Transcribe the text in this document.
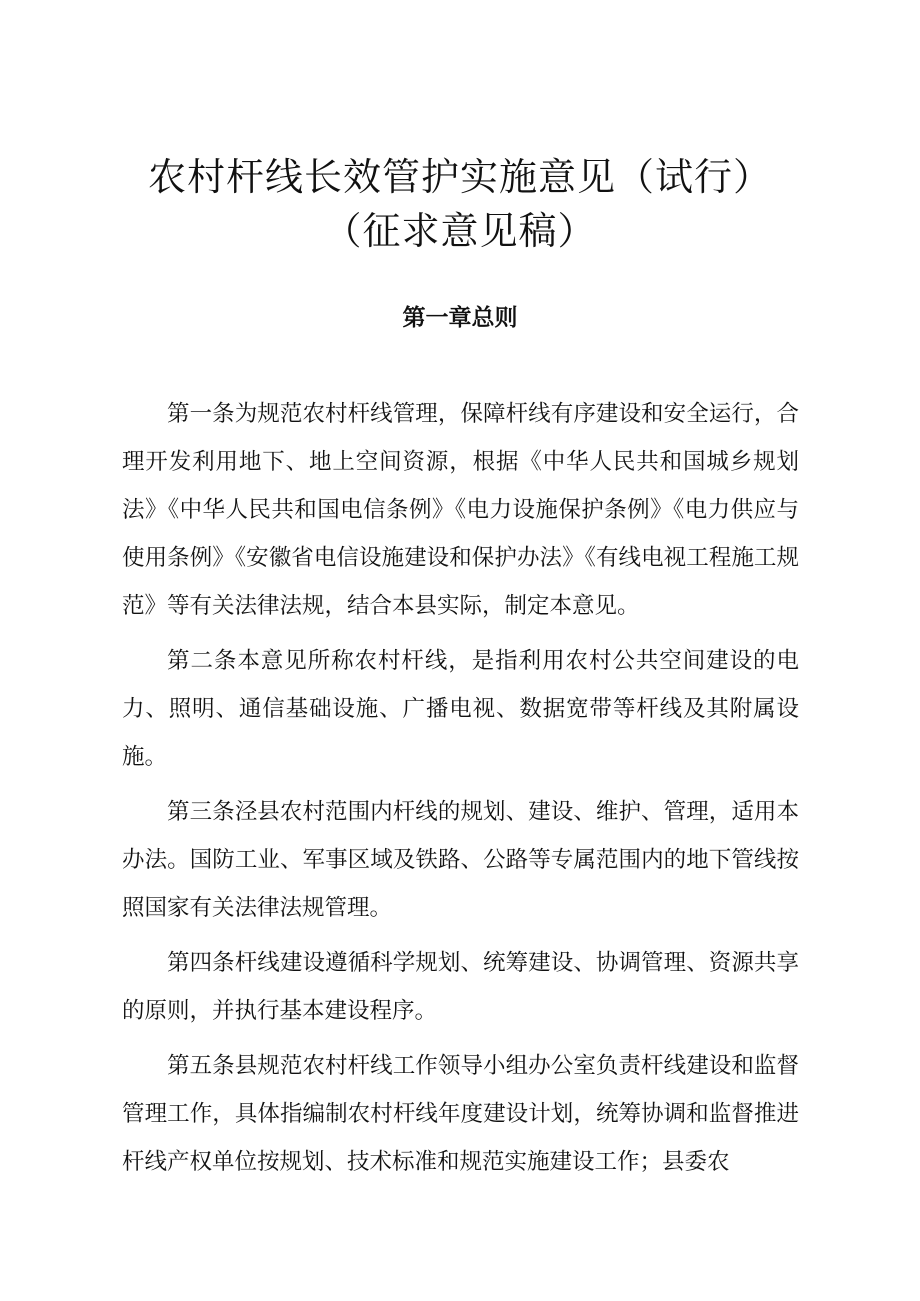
农村杆线长效管护实施意见（试行）
（征求意见稿）
第一章总则

第一条为规范农村杆线管理，保障杆线有序建设和安全运行，合理开发利用地下、地上空间资源，根据《中华人民共和国城乡规划法》《中华人民共和国电信条例》《电力设施保护条例》《电力供应与使用条例》《安徽省电信设施建设和保护办法》《有线电视工程施工规范》等有关法律法规，结合本县实际，制定本意见。

第二条本意见所称农村杆线，是指利用农村公共空间建设的电力、照明、通信基础设施、广播电视、数据宽带等杆线及其附属设施。

第三条泾县农村范围内杆线的规划、建设、维护、管理，适用本办法。国防工业、军事区域及铁路、公路等专属范围内的地下管线按照国家有关法律法规管理。

第四条杆线建设遵循科学规划、统筹建设、协调管理、资源共享的原则，并执行基本建设程序。

第五条县规范农村杆线工作领导小组办公室负责杆线建设和监督管理工作，具体指编制农村杆线年度建设计划，统筹协调和监督推进杆线产权单位按规划、技术标准和规范实施建设工作；县委农
